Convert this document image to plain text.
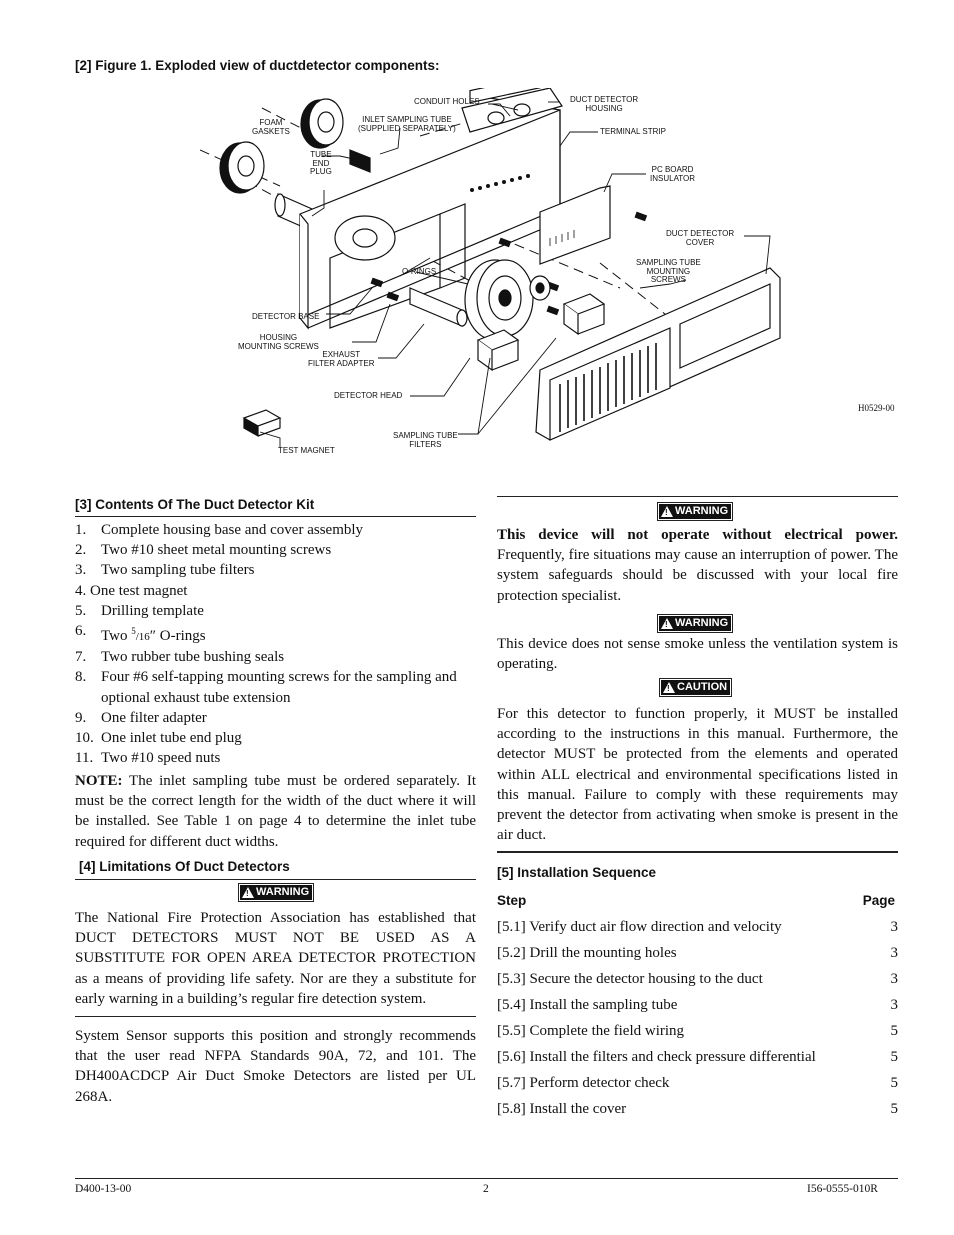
[2] Figure 1. Exploded view of ductdetector components:
CONDUIT HOLES	DUCT DETECTOR
HOUSING
TERMINAL STRIP
FOAM
GASKETS
INLET SAMPLING TUBE
(SUPPLIED SEPARATELY)
TUBE
END
PLUG	PC BOARD
INSULATOR
DUCT DETECTOR
COVER
SAMPLING TUBE
MOUNTING
SCREWS
O-RINGS
DETECTOR BASE
HOUSING
MOUNTING SCREWS
EXHAUST
FILTER ADAPTER
DETECTOR HEAD
SAMPLING TUBE
FILTERS
TEST MAGNET
H0529-00
[3] Contents Of The Duct Detector Kit
1. Complete housing base and cover assembly
2. Two #10 sheet metal mounting screws
3. Two sampling tube filters
4. One test magnet
5. Drilling template
6. Two $^5$/16″ O-rings
7. Two rubber tube bushing seals
8. Four #6 self-tapping mounting screws for the sampling and optional exhaust tube extension
9. One filter adapter
10. One inlet tube end plug
11. Two #10 speed nuts
NOTE: The inlet sampling tube must be ordered separately. It must be the correct length for the width of the duct where it will be installed. See Table 1 on page 4 to determine the inlet tube required for different duct widths.
[4] Limitations Of Duct Detectors
! WARNING
The National Fire Protection Association has established that DUCT DETECTORS MUST NOT BE USED AS A SUBSTITUTE FOR OPEN AREA DETECTOR PROTECTION as a means of providing life safety. Nor are they a substitute for early warning in a building’s regular fire detection system.
System Sensor supports this position and strongly recommends that the user read NFPA Standards 90A, 72, and 101. The DH400ACDCP Air Duct Smoke Detectors are listed per UL 268A.
! WARNING
This device will not operate without electrical power. Frequently, fire situations may cause an interruption of power. The system safeguards should be discussed with your local fire protection specialist.
! WARNING
This device does not sense smoke unless the ventilation system is operating.
! CAUTION
For this detector to function properly, it MUST be installed according to the instructions in this manual. Furthermore, the detector MUST be protected from the elements and operated within ALL electrical and environmental specifications listed in this manual. Failure to comply with these requirements may prevent the detector from activating when smoke is present in the air duct.
[5] Installation Sequence
Step	Page
[5.1] Verify duct air flow direction and velocity	3
[5.2] Drill the mounting holes	3
[5.3] Secure the detector housing to the duct	3
[5.4] Install the sampling tube	3
[5.5] Complete the field wiring	5
[5.6] Install the filters and check pressure differential	5
[5.7] Perform detector check	5
[5.8] Install the cover	5
D400-13-00	2	I56-0555-010R
